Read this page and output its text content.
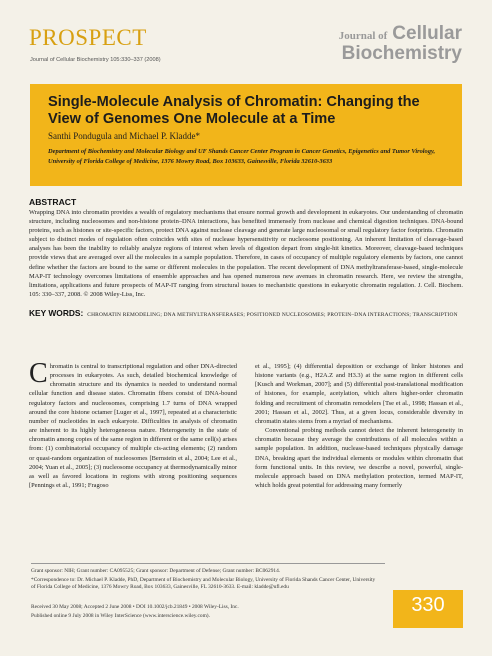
PROSPECT
Journal of Cellular Biochemistry 105:330–337 (2008)
Journal of Cellular
Biochemistry
Single-Molecule Analysis of Chromatin: Changing the View of Genomes One Molecule at a Time
Santhi Pondugula and Michael P. Kladde*
Department of Biochemistry and Molecular Biology and UF Shands Cancer Center Program in Cancer Genetics, Epigenetics and Tumor Virology, University of Florida College of Medicine, 1376 Mowry Road, Box 103633, Gainesville, Florida 32610-3633
ABSTRACT
Wrapping DNA into chromatin provides a wealth of regulatory mechanisms that ensure normal growth and development in eukaryotes. Our understanding of chromatin structure, including nucleosomes and non-histone protein–DNA interactions, has benefited immensely from nuclease and chemical digestion techniques. DNA-bound proteins, such as histones or site-specific factors, protect DNA against nuclease cleavage and generate large nucleosomal or small regulatory factor footprints. Chromatin subject to distinct modes of regulation often coincides with sites of nuclease hypersensitivity or nucleosome positioning. An inherent limitation of cleavage-based analyses has been the inability to reliably analyze regions of interest when levels of digestion depart from single-hit kinetics. Moreover, cleavage-based techniques provide views that are averaged over all the molecules in a sample population. Therefore, in cases of occupancy of multiple regulatory elements by factors, one cannot define whether the factors are bound to the same or different molecules in the population. The recent development of DNA methyltransferase-based, single-molecule MAP-IT technology overcomes limitations of ensemble approaches and has opened numerous new avenues in chromatin research. Here, we review the strengths, limitations, applications and future prospects of MAP-IT ranging from structural issues to mechanistic questions in eukaryotic chromatin regulation. J. Cell. Biochem. 105: 330–337, 2008. © 2008 Wiley-Liss, Inc.
KEY WORDS: CHROMATIN REMODELING; DNA METHYLTRANSFERASES; POSITIONED NUCLEOSOMES; PROTEIN–DNA INTERACTIONS; TRANSCRIPTION
Chromatin is central to transcriptional regulation and other DNA-directed processes in eukaryotes. As such, detailed biochemical knowledge of chromatin structure and its dynamics is needed to understand normal cellular function and disease states. Chromatin fibers consist of DNA-bound regulatory factors and nucleosomes, comprising 1.7 turns of DNA wrapped around the core histone octamer [Luger et al., 1997], repeated at a characteristic number of nucleotides in each eukaryote. Difficulties in analysis of chromatin are inherent to its highly heterogeneous nature. Heterogeneity in the state of chromatin among copies of the same region in different or the same cell(s) arises from: (1) combinatorial occupancy of multiple cis-acting elements; (2) random or quasi-random organization of nucleosomes [Bernstein et al., 2004; Lee et al., 2004; Yuan et al., 2005]; (3) nucleosome occupancy at thermodynamically minor as well as favored locations in regions with strong positioning sequences [Pennings et al., 1991; Fragoso
et al., 1995]; (4) differential deposition or exchange of linker histones and histone variants (e.g., H2A.Z and H3.3) at the same region in different cells [Kusch and Workman, 2007]; and (5) differential post-translational modification of histones, for example, acetylation, which alters higher-order chromatin folding and recruitment of chromatin remodelers [Tse et al., 1998; Hassan et al., 2001; Hassan et al., 2002]. Thus, at a given locus, considerable diversity in chromatin states stems from a myriad of mechanisms.
Conventional probing methods cannot detect the inherent heterogeneity in chromatin because they average the contributions of all molecules within a sample population. In addition, nuclease-based techniques physically damage DNA, breaking apart the individual elements or modules within chromatin that form functional units. In this review, we describe a novel, powerful, single-molecule approach based on DNA methylation protection, termed MAP-IT, which holds great potential for addressing many formerly
Grant sponsor: NIH; Grant number: CA095525; Grant sponsor: Department of Defense; Grant number: BC062914.
*Correspondence to: Dr. Michael P. Kladde, PhD, Department of Biochemistry and Molecular Biology, University of Florida Shands Cancer Center, University of Florida College of Medicine, 1376 Mowry Road, Box 103633, Gainesville, FL 32610-3633. E-mail: kladde@ufl.edu
Received 30 May 2008; Accepted 2 June 2008 • DOI 10.1002/jcb.21849 • 2008 Wiley-Liss, Inc.
Published online 9 July 2008 in Wiley InterScience (www.interscience.wiley.com).	330
